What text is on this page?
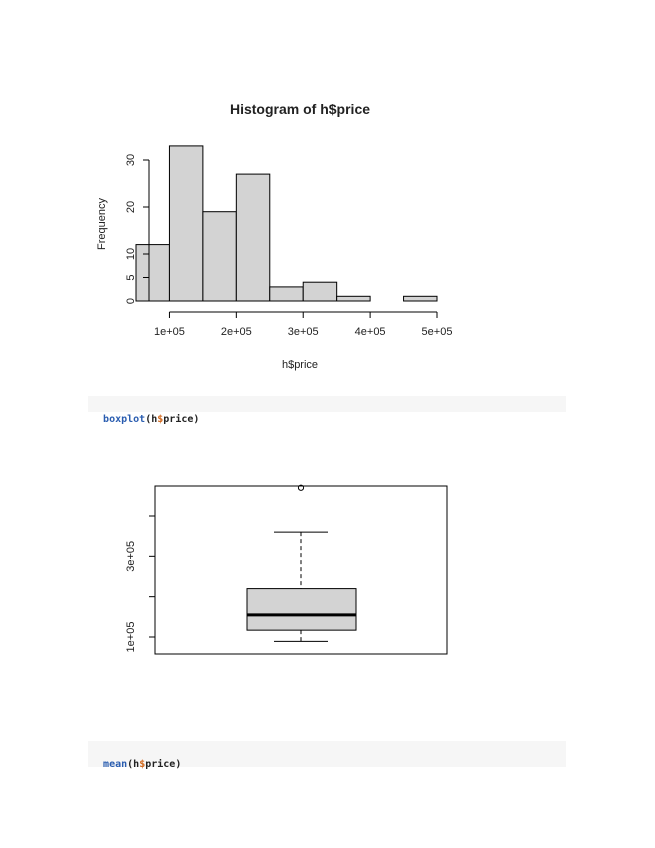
Histogram of h$price
1e+05	2e+05	3e+05	4e+05	5e+05
0
5
10
20
30
h$price
Frequency

boxplot(h$price)

1e+05
3e+05

mean(h$price)
